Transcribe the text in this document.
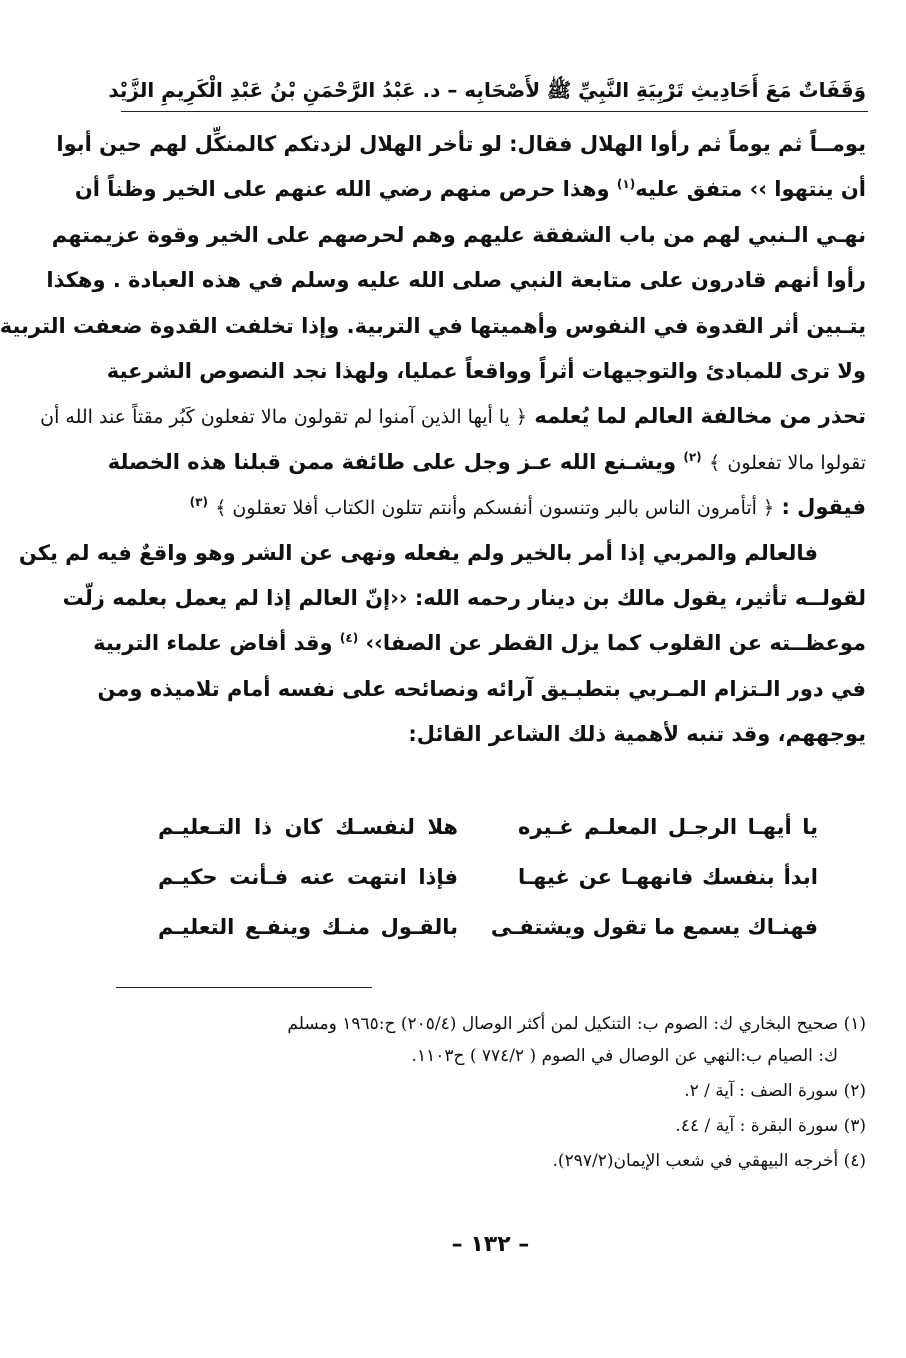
وَقَفَاتٌ مَعَ أَحَادِيثِ تَرْبِيَةِ النَّبِيِّ ﷺ لأَصْحَابِه – د. عَبْدُ الرَّحْمَنِ بْنُ عَبْدِ الْكَرِيمِ الزَّيْد
يومــاً ثم يوماً ثم رأوا الهلال فقال: لو تأخر الهلال لزدتكم كالمنكِّل لهم حين أبوا
أن ينتهوا ›› متفق عليه$^{(١)}$ وهذا حرص منهم رضي الله عنهم على الخير وظناً أن
نهـي الـنبي لهم من باب الشفقة عليهم وهم لحرصهم على الخير وقوة عزيمتهم
رأوا أنهم قادرون على متابعة النبي صلى الله عليه وسلم في هذه العبادة . وهكذا
يتـبين أثر القدوة في النفوس وأهميتها في التربية. وإذا تخلفت القدوة ضعفت التربية
ولا ترى للمبادئ والتوجيهات أثراً وواقعاً عمليا، ولهذا نجد النصوص الشرعية
تحذر من مخالفة العالم لما يُعلمه ﴿ يا أيها الذين آمنوا لم تقولون مالا تفعلون كَبُر مقتاً عند الله أن
تقولوا مالا تفعلون ﴾ $^{(٢)}$ ويشـنع الله عـز وجل على طائفة ممن قبلنا هذه الخصلة
فيقول : ﴿ أتأمرون الناس بالبر وتنسون أنفسكم وأنتم تتلون الكتاب أفلا تعقلون ﴾ $^{(٣)}$
فالعالم والمربي إذا أمر بالخير ولم يفعله ونهى عن الشر وهو واقعٌ فيه لم يكن
لقولــه تأثير، يقول مالك بن دينار رحمه الله: ‹‹إنّ العالم إذا لم يعمل بعلمه زلّت
موعظــته عن القلوب كما يزل القطر عن الصفا›› $^{(٤)}$ وقد أفاض علماء التربية
في دور الـتزام المـربي بتطبـيق آرائه ونصائحه على نفسه أمام تلاميذه ومن
يوجههم، وقد تنبه لأهمية ذلك الشاعر القائل:
يا أيهـا الرجـل المعلـم غـيره
هلا لنفسـك كان ذا التـعليـم
ابدأ بنفسك فانههـا عن غيهـا
فإذا انتهت عنه فـأنت حكيـم
فهنـاك يسمع ما تقول ويشتفـى
بالقـول منـك وينفـع التعليـم
(١) صحيح البخاري ك: الصوم ب: التنكيل لمن أكثر الوصال (٢٠٥/٤) ح:١٩٦٥ ومسلم
ك: الصيام ب:النهي عن الوصال في الصوم ( ٧٧٤/٢ ) ح١١٠٣.
(٢) سورة الصف : آية / ٢.
(٣) سورة البقرة : آية / ٤٤.
(٤) أخرجه البيهقي في شعب الإيمان(٢٩٧/٢).
– ١٣٢ –
